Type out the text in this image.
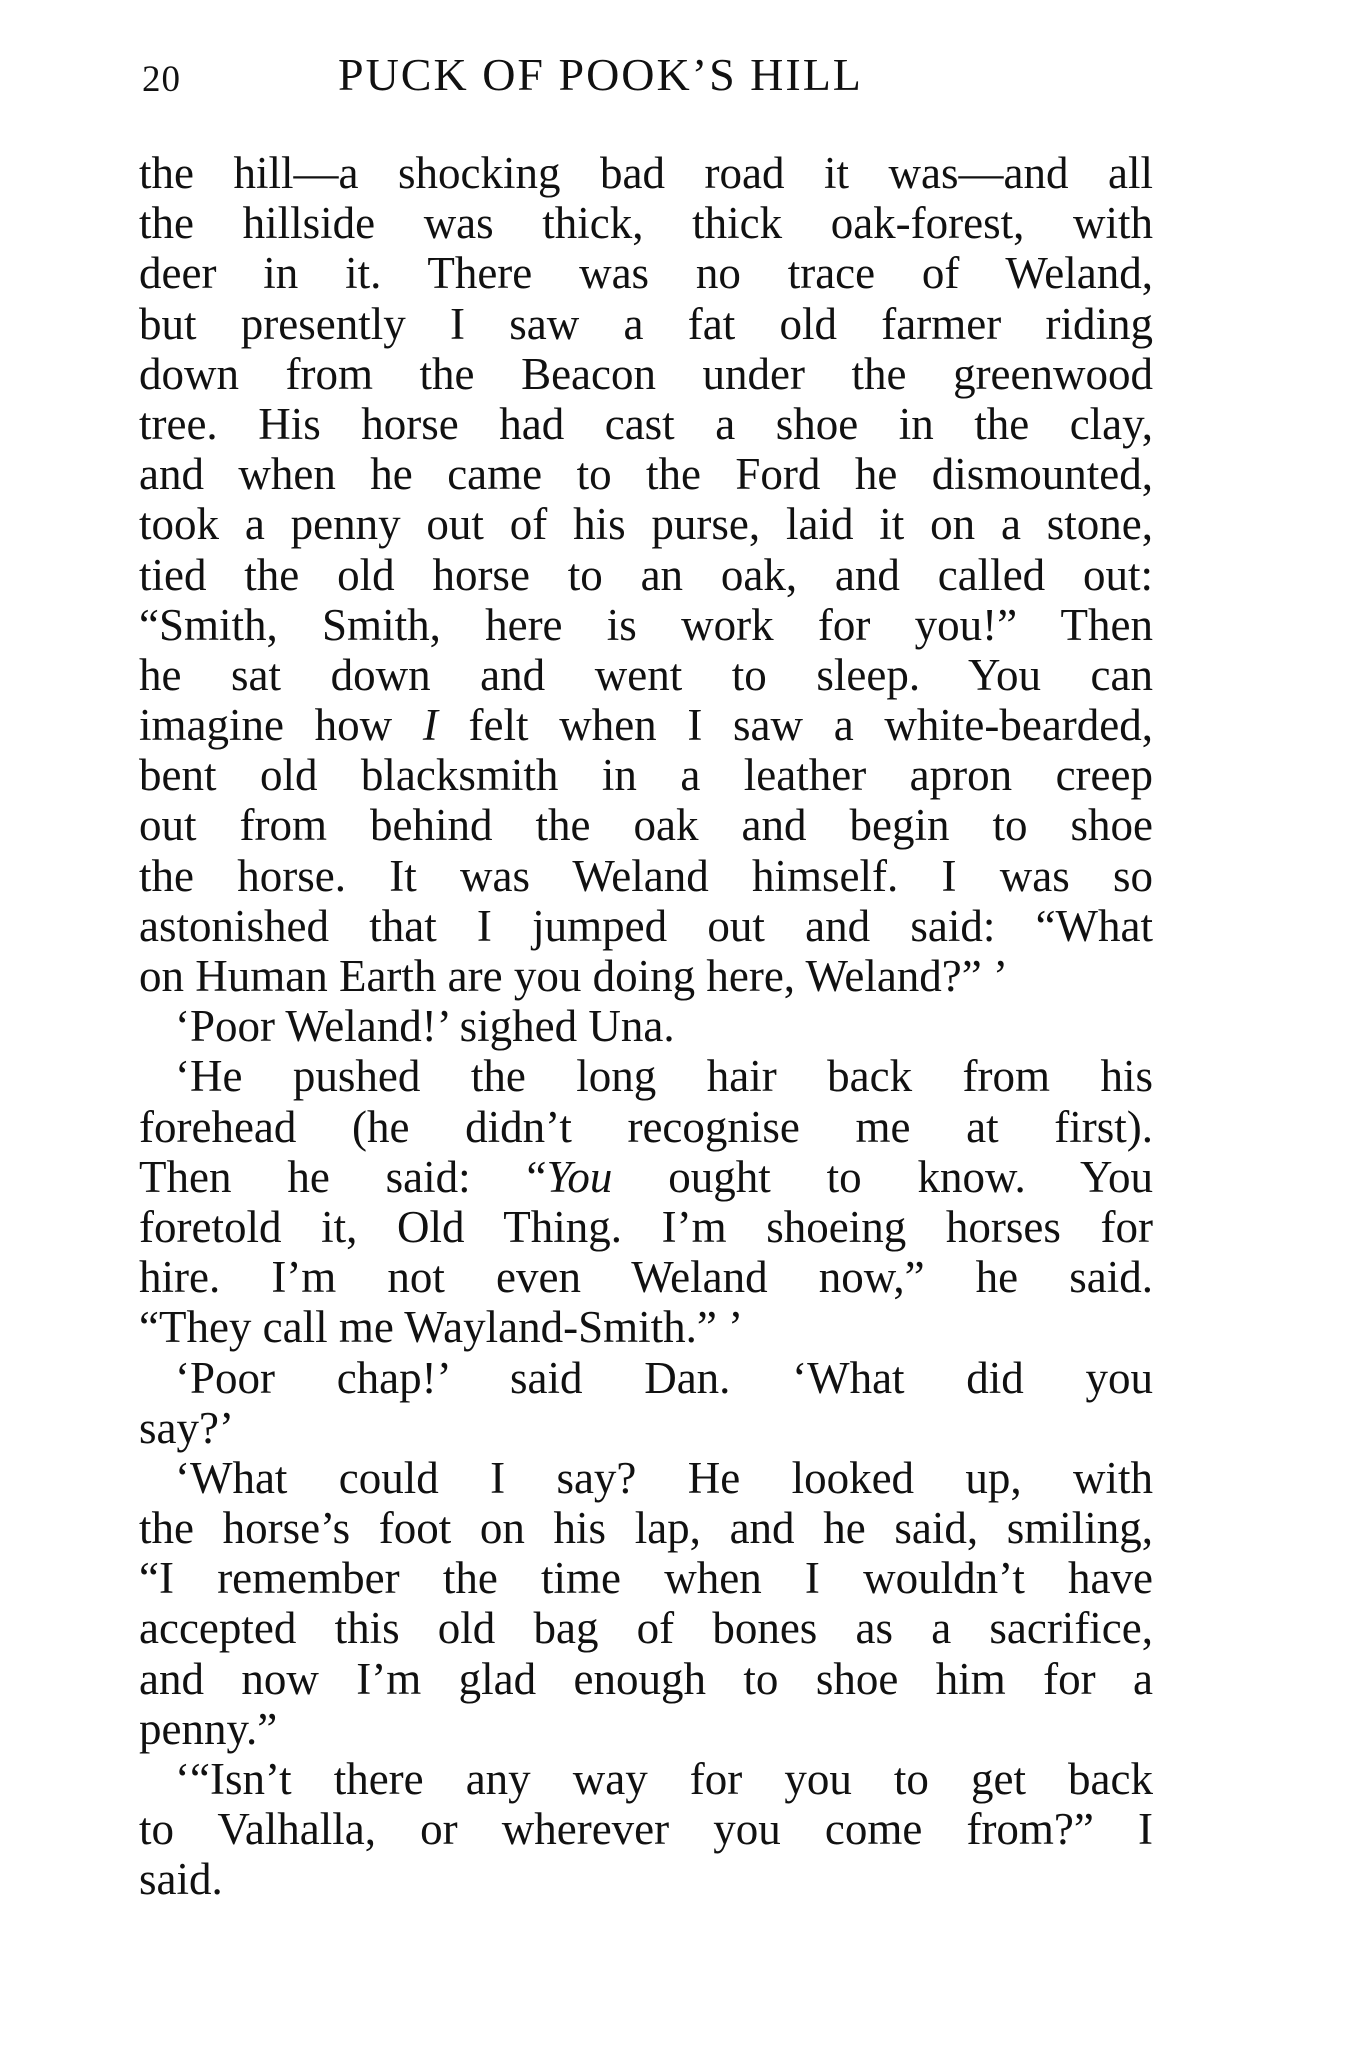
20	PUCK OF POOK’S HILL
the hill—a shocking bad road it was—and all
the hillside was thick, thick oak-forest, with
deer in it. There was no trace of Weland,
but presently I saw a fat old farmer riding
down from the Beacon under the greenwood
tree. His horse had cast a shoe in the clay,
and when he came to the Ford he dismounted,
took a penny out of his purse, laid it on a stone,
tied the old horse to an oak, and called out:
“Smith, Smith, here is work for you!” Then
he sat down and went to sleep. You can
imagine how I felt when I saw a white-bearded,
bent old blacksmith in a leather apron creep
out from behind the oak and begin to shoe
the horse. It was Weland himself. I was so
astonished that I jumped out and said: “What
on Human Earth are you doing here, Weland?” ’
‘Poor Weland!’ sighed Una.
‘He pushed the long hair back from his
forehead (he didn’t recognise me at first).
Then he said: “You ought to know. You
foretold it, Old Thing. I’m shoeing horses for
hire. I’m not even Weland now,” he said.
“They call me Wayland-Smith.” ’
‘Poor chap!’ said Dan. ‘What did you
say?’
‘What could I say? He looked up, with
the horse’s foot on his lap, and he said, smiling,
“I remember the time when I wouldn’t have
accepted this old bag of bones as a sacrifice,
and now I’m glad enough to shoe him for a
penny.”
‘“Isn’t there any way for you to get back
to Valhalla, or wherever you come from?” I
said.
